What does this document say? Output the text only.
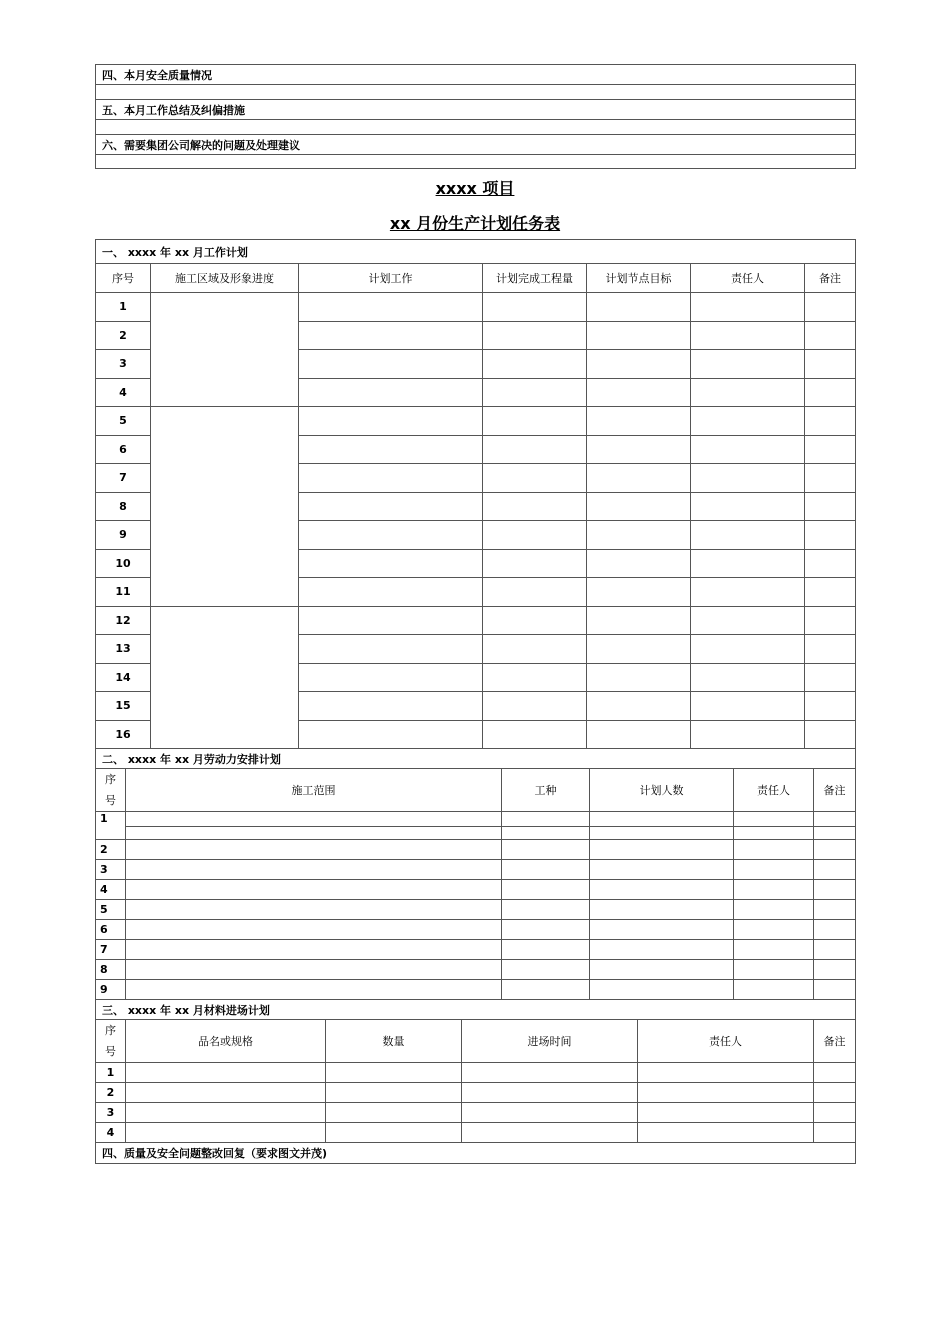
四、本月安全质量情况

五、本月工作总结及纠偏措施

六、需要集团公司解决的问题及处理建议

xxxx 项目
xx 月份生产计划任务表
一、 xxxx 年 xx 月工作计划						
序号	施工区域及形象进度	计划工作	计划完成工程量	计划节点目标	责任人	备注
1						
2						
3						
4						
5						
6						
7						
8						
9						
10						
11						
12						
13						
14						
15						
16						
二、 xxxx 年 xx 月劳动力安排计划					
序号	施工范围	工种	计划人数	责任人	备注
1					

2					
3					
4					
5					
6					
7					
8					
9					
三、 xxxx 年 xx 月材料进场计划					
序号	品名或规格	数量	进场时间	责任人	备注
1					
2					
3					
4					
四、质量及安全问题整改回复（要求图文并茂)					
